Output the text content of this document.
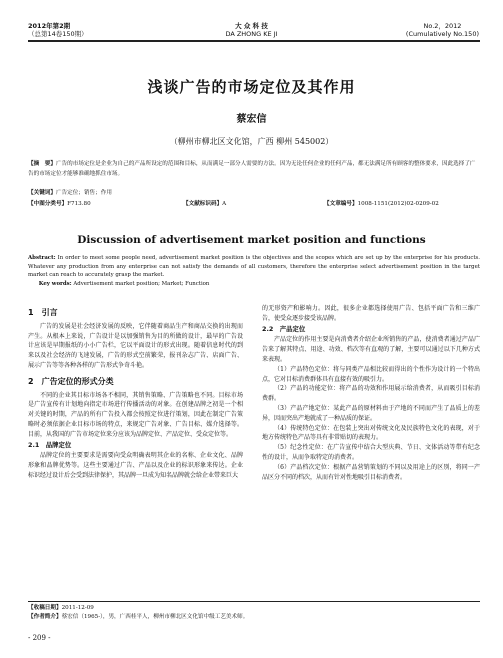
2012年第2期
（总第14卷150期）
大 众 科 技
DA ZHONG KE JI
No.2，2012
(Cumulatively No.150)
浅谈广告的市场定位及其作用
蔡宏信
（柳州市柳北区文化馆，广西 柳州 545002）
【摘　要】广告的市场定位是企业为自己的产品所设定的范围和目标，从而满足一部分人需要的方法。因为无论任何企业的任何产品，都无法满足所有顾客的整体要求，因此选择了广告的市场定位才能够准确地抓住市场。
【关键词】广告定位；销售；作用
【中图分类号】F713.80	【文献标识码】A	【文章编号】1008-1151(2012)02-0209-02
Discussion of advertisement market position and functions
Abstract: In order to meet some people need, advertisement market position is the objectives and the scopes which are set up by the enterprise for his products. Whatever any production from any enterprise can not satisfy the demands of all customers, therefore the enterprise select advertisement position in the target market can reach to accurately grasp the market.
Key words: Advertisement market position; Market; Function
1　引言

广告的发展是社会经济发展的反映，它伴随着商品生产和商品交换的出现而产生。从根本上来说，广告设计是以加强销售为目的所做的设计，最早的广告设计应该是早期报纸的小小广告栏，它以平面设计的形式出现。随着信息时代的到来以及社会经济的飞速发展，广告的形式空前繁荣，报刊杂志广告、店面广告、展示广告等等各种各样的广告形式争奇斗艳。

2　广告定位的形式分类

不同的企业其目标市场各不相同，其销售策略、广告策略也不同。目标市场是广告宣传有计划地向指定市场进行传播活动的对象。在创建品牌之初是一个相对关键的时期，产品的所有广告投入都会按照定位进行策划，因此在制定广告策略时必须依据企业目标市场的特点，来规定广告对象、广告目标、媒介选择等。目前，从我国的广告市场定位来分应该为品牌定位、产品定位、受众定位等。

2.1　品牌定位

品牌定位的主要要求是需要向受众明确表明其企业的名称、企业文化、品牌形象和品牌优势等。这些主要通过广告、产品以及企业的标识形象来传达。企业标识经过设计后会受到法律保护，其品牌一旦成为知名品牌就会给企业带来巨大

的无形资产和影响力。因此，很多企业都选择使用广告、包括平面广告和三维广告，使受众逐步接受该品牌。

2.2　产品定位

产品定位的作用主要是向消费者介绍企业所销售的产品，使消费者通过产品广告来了解其特点、用途、功效、档次等有直观的了解，主要可以通过以下几种方式来表现。

（1）产品特色定位：将与同类产品相比较而得出的个性作为设计的一个特出点，它对目标消费群体具有直接有效的吸引力。

（2）产品的功能定位：将产品的功效和作用展示给消费者，从而吸引目标消费群。

（3）产品产地定位：某此产品的原材料由于产地的不同而产生了品质上的差异，因而突出产地就成了一种品质的保证。

（4）传统特色定位：在包装上突出对传统文化及民族特色文化的表现，对于地方传统特色产品等具有非常贴切的表现力。

（5）纪念性定位：在广告宣传中结合大型庆典、节日、文体活动等带有纪念性的设计，从而争取特定的消费者。

（6）产品档次定位：根据产品营销策划的不同以及用途上的区别，将同一产品区分不同的档次，从而有针对性地吸引目标消费者。

【收稿日期】2011-12-09
【作者简介】蔡宏信（1965-），男，广西桂平人，柳州市柳北区文化馆中级工艺美术师。
- 209 -
